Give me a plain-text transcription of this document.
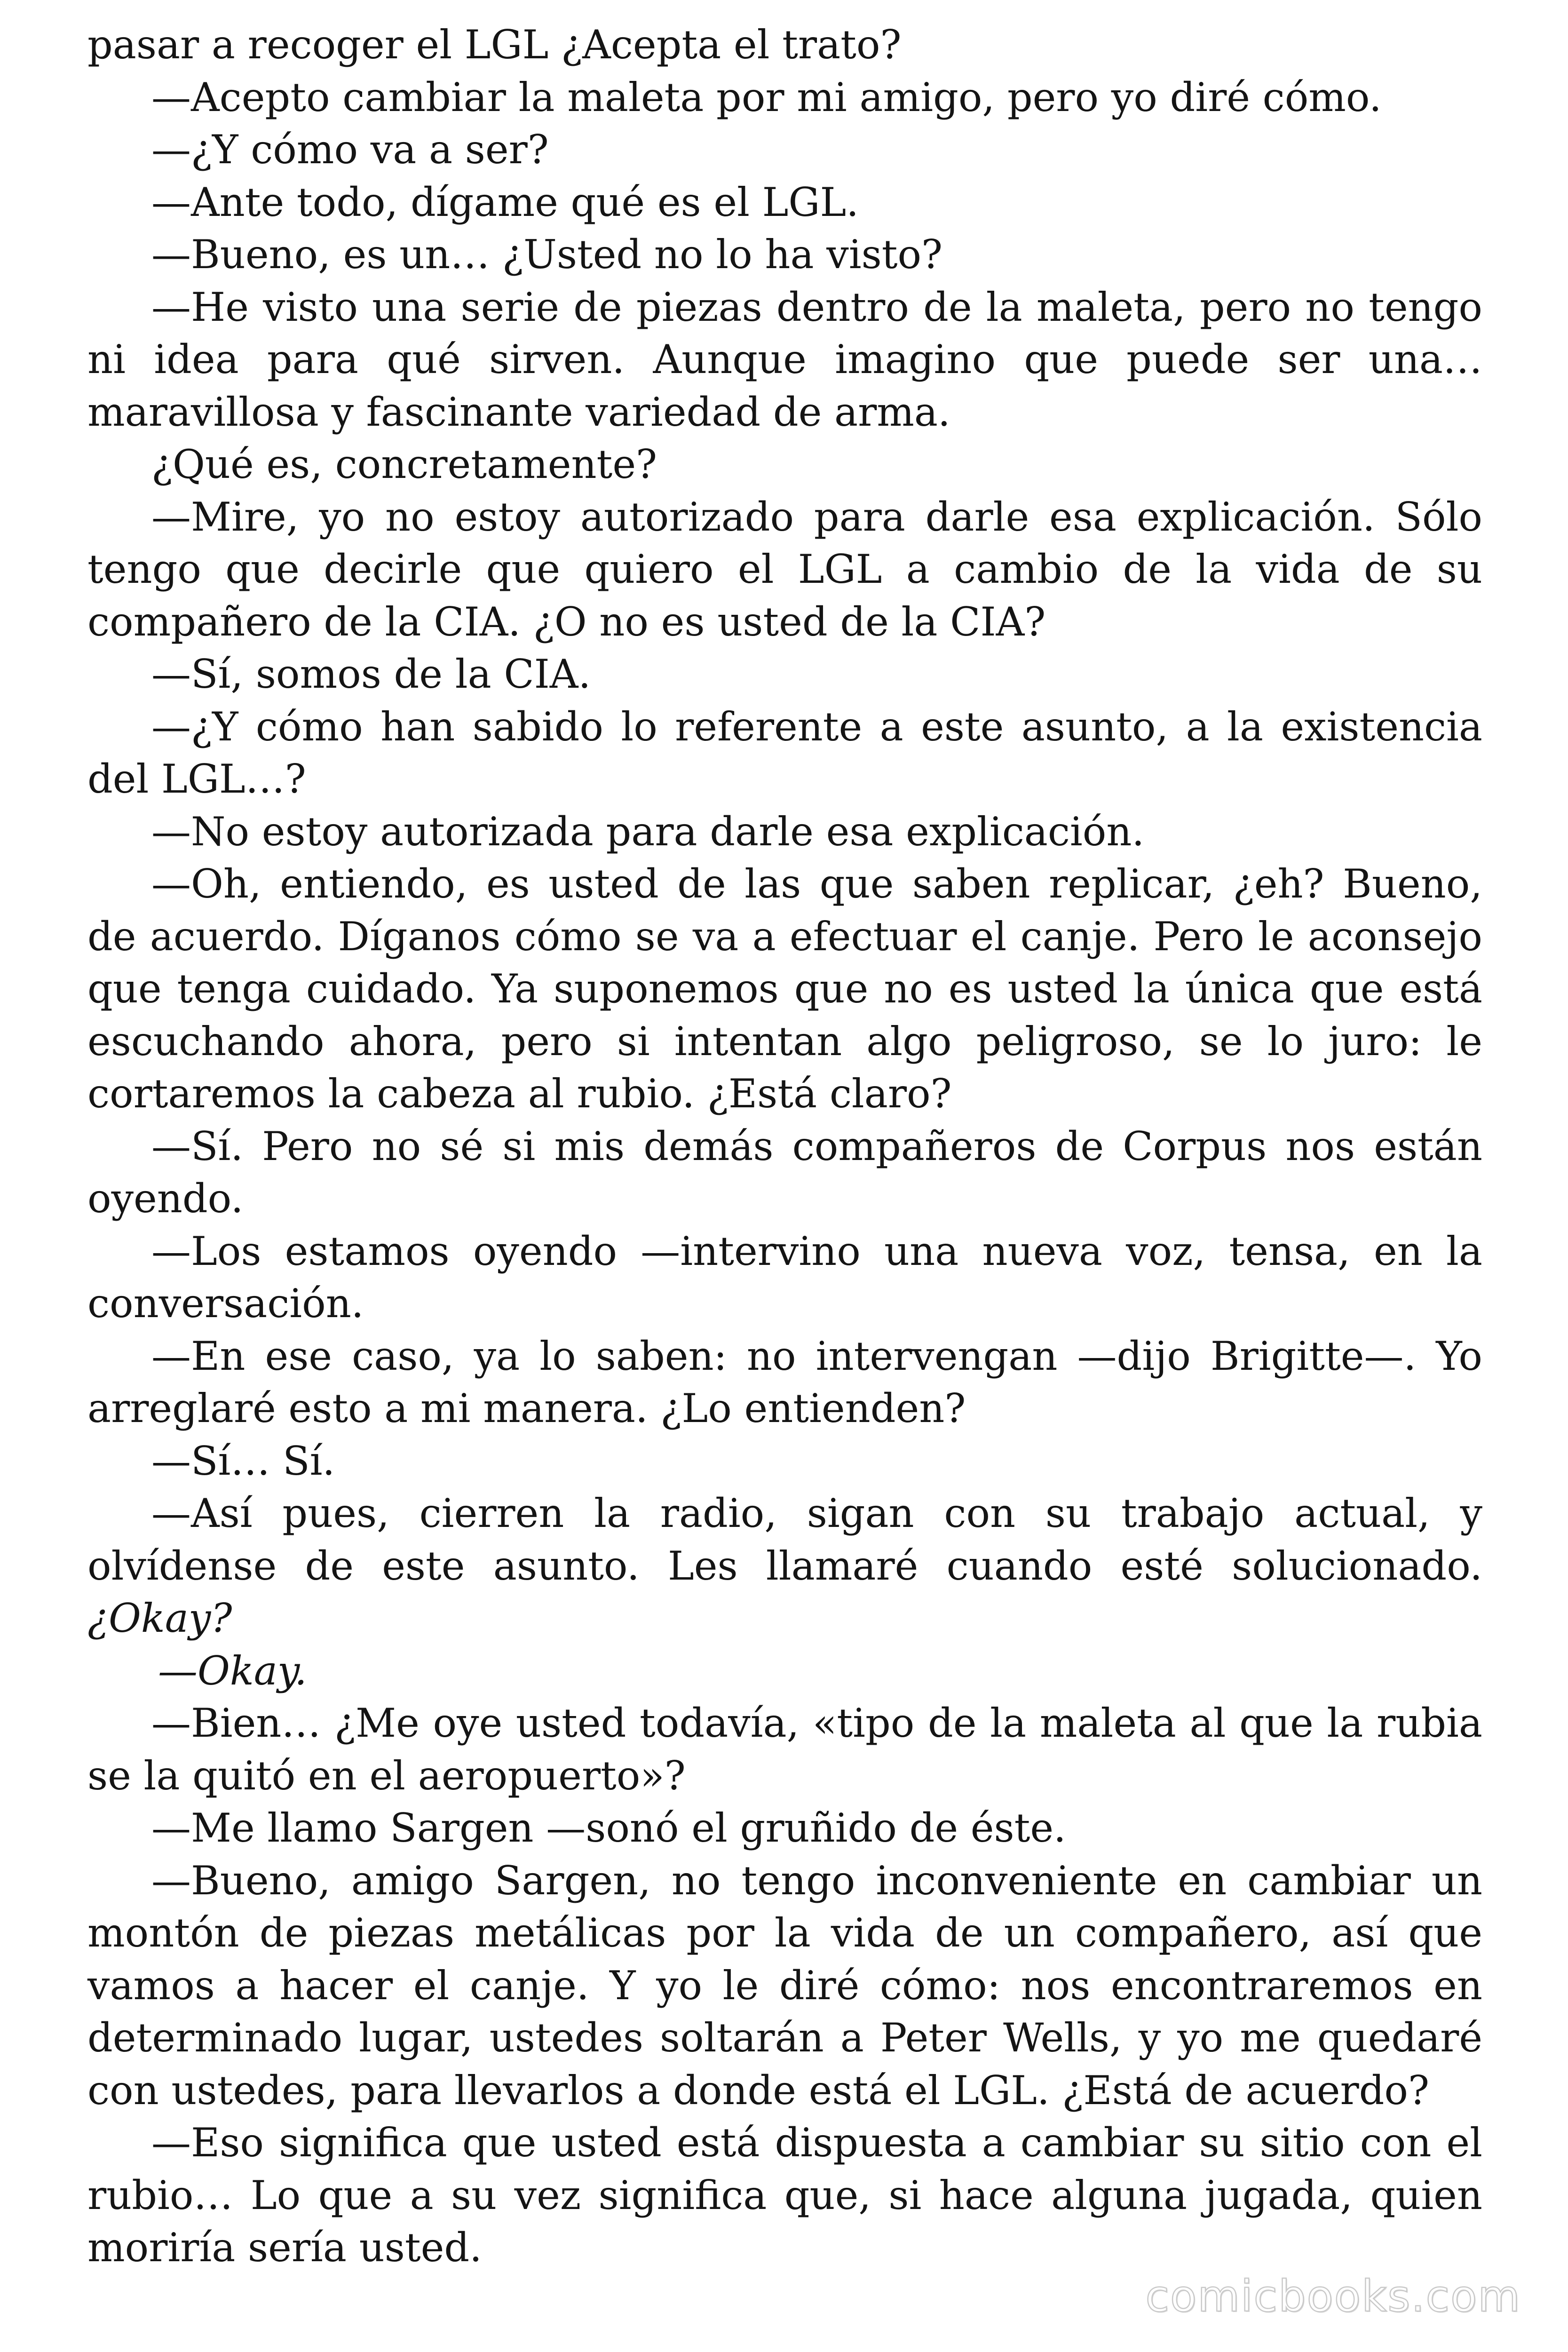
pasar a recoger el LGL ¿Acepta el trato?

—Acepto cambiar la maleta por mi amigo, pero yo diré cómo.

—¿Y cómo va a ser?

—Ante todo, dígame qué es el LGL.

—Bueno, es un… ¿Usted no lo ha visto?

—He visto una serie de piezas dentro de la maleta, pero no tengo ni idea para qué sirven. Aunque imagino que puede ser una… maravillosa y fascinante variedad de arma.

¿Qué es, concretamente?

—Mire, yo no estoy autorizado para darle esa explicación. Sólo tengo que decirle que quiero el LGL a cambio de la vida de su compañero de la CIA. ¿O no es usted de la CIA?

—Sí, somos de la CIA.

—¿Y cómo han sabido lo referente a este asunto, a la existencia del LGL…?

—No estoy autorizada para darle esa explicación.

—Oh, entiendo, es usted de las que saben replicar, ¿eh? Bueno, de acuerdo. Díganos cómo se va a efectuar el canje. Pero le aconsejo que tenga cuidado. Ya suponemos que no es usted la única que está escuchando ahora, pero si intentan algo peligroso, se lo juro: le cortaremos la cabeza al rubio. ¿Está claro?

—Sí. Pero no sé si mis demás compañeros de Corpus nos están oyendo.

—Los estamos oyendo —intervino una nueva voz, tensa, en la conversación.

—En ese caso, ya lo saben: no intervengan —dijo Brigitte—. Yo arreglaré esto a mi manera. ¿Lo entienden?

—Sí… Sí.

—Así pues, cierren la radio, sigan con su trabajo actual, y olvídense de este asunto. Les llamaré cuando esté solucionado. ¿Okay?

—Okay.

—Bien… ¿Me oye usted todavía, «tipo de la maleta al que la rubia se la quitó en el aeropuerto»?

—Me llamo Sargen —sonó el gruñido de éste.

—Bueno, amigo Sargen, no tengo inconveniente en cambiar un montón de piezas metálicas por la vida de un compañero, así que vamos a hacer el canje. Y yo le diré cómo: nos encontraremos en determinado lugar, ustedes soltarán a Peter Wells, y yo me quedaré con ustedes, para llevarlos a donde está el LGL. ¿Está de acuerdo?

—Eso significa que usted está dispuesta a cambiar su sitio con el rubio… Lo que a su vez significa que, si hace alguna jugada, quien moriría sería usted.

comicbooks.com
